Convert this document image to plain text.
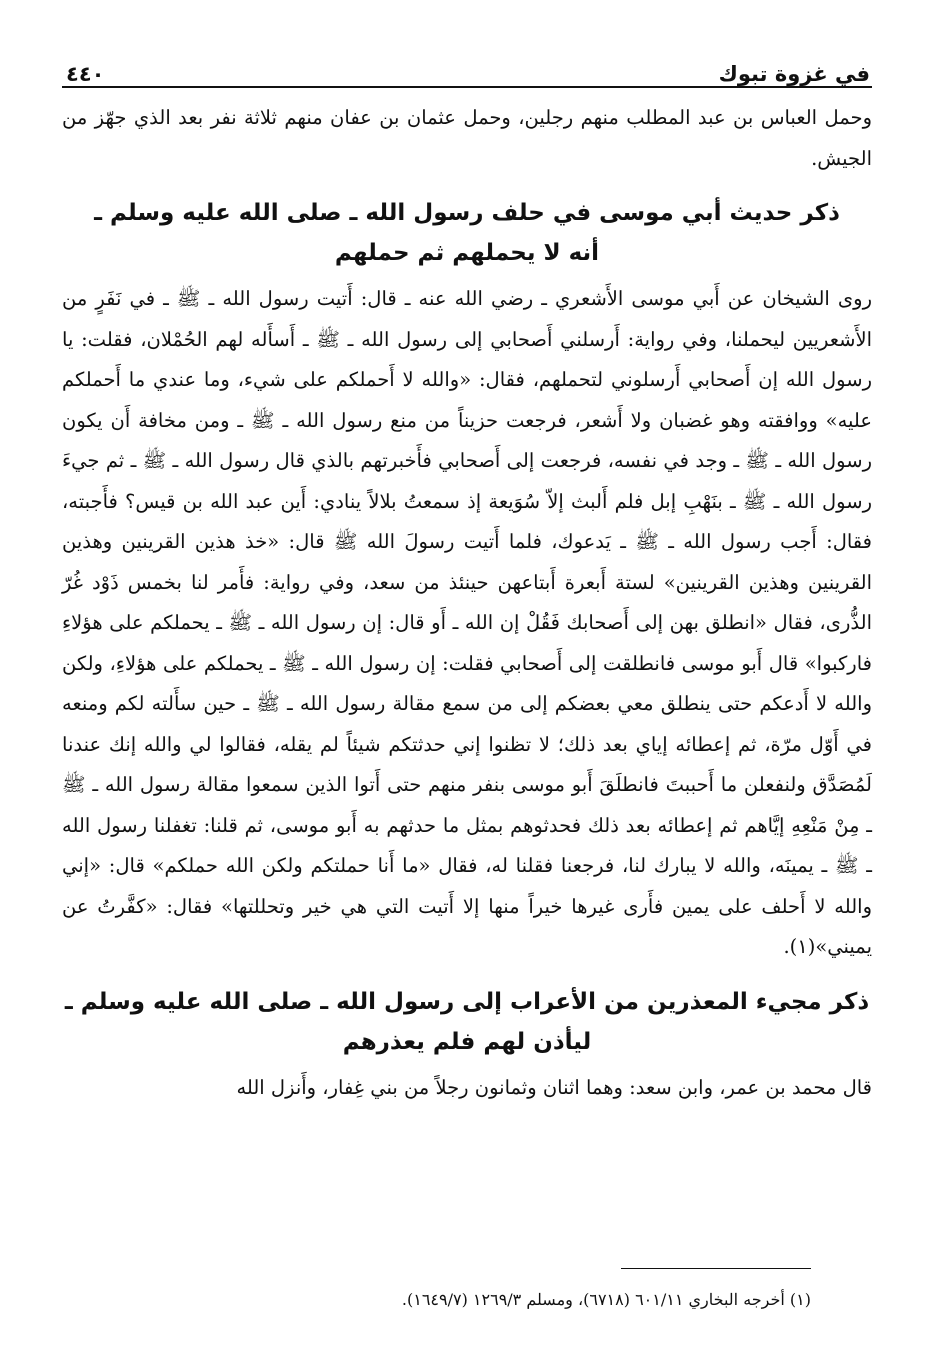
في غزوة تبوك
٤٤٠

وحمل العباس بن عبد المطلب منهم رجلين، وحمل عثمان بن عفان منهم ثلاثة نفر بعد الذي جهّز من الجيش.

ذكر حديث أبي موسى في حلف رسول الله ـ صلى الله عليه وسلم ـ
أنه لا يحملهم ثم حملهم

روى الشيخان عن أَبي موسى الأَشعري ـ رضي الله عنه ـ قال: أَتيت رسول الله ـ ﷺ ـ في نَفَرٍ من الأَشعريين ليحملنا، وفي رواية: أَرسلني أَصحابي إلى رسول الله ـ ﷺ ـ أَسأَله لهم الحُمْلان، فقلت: يا رسول الله إن أَصحابي أَرسلوني لتحملهم، فقال: «والله لا أَحملكم على شيء، وما عندي ما أَحملكم عليه» ووافقته وهو غضبان ولا أَشعر، فرجعت حزيناً من منع رسول الله ـ ﷺ ـ ومن مخافة أَن يكون رسول الله ـ ﷺ ـ وجد في نفسه، فرجعت إلى أَصحابي فأَخبرتهم بالذي قال رسول الله ـ ﷺ ـ ثم جيءَ رسول الله ـ ﷺ ـ بنَهْبِ إبل فلم أَلبث إلاّ سُوَيعة إذ سمعتُ بلالاً ينادي: أَين عبد الله بن قيس؟ فأَجبته، فقال: أَجب رسول الله ـ ﷺ ـ يَدعوك، فلما أَتيت رسولَ الله ﷺ قال: «خذ هذين القرينين وهذين القرينين وهذين القرينين» لستة أَبعرة أَبتاعهن حينئذ من سعد، وفي رواية: فأَمر لنا بخمس ذَوْد غُرّ الذُّرى، فقال «انطلق بهن إلى أَصحابك فَقُلْ إن الله ـ أَو قال: إن رسول الله ـ ﷺ ـ يحملكم على هؤلاءِ فاركبوا» قال أَبو موسى فانطلقت إلى أَصحابي فقلت: إن رسول الله ـ ﷺ ـ يحملكم على هؤلاءِ، ولكن والله لا أَدعكم حتى ينطلق معي بعضكم إلى من سمع مقالة رسول الله ـ ﷺ ـ حين سأَلته لكم ومنعه في أَوّل مرّة، ثم إعطائه إياي بعد ذلك؛ لا تظنوا إني حدثتكم شيئاً لم يقله، فقالوا لي والله إنك عندنا لَمُصَدَّق ولنفعلن ما أَحببتَ فانطلَقَ أَبو موسى بنفر منهم حتى أَتوا الذين سمعوا مقالة رسول الله ـ ﷺ ـ مِنْ مَنْعِهِ إيَّاهم ثم إعطائه بعد ذلك فحدثوهم بمثل ما حدثهم به أَبو موسى، ثم قلنا: تغفلنا رسول الله ـ ﷺ ـ يمينَه، والله لا يبارك لنا، فرجعنا فقلنا له، فقال «ما أَنا حملتكم ولكن الله حملكم» قال: «إني والله لا أَحلف على يمين فأَرى غيرها خيراً منها إلا أَتيت التي هي خير وتحللتها» فقال: «كفَّرتُ عن يميني»(١).

ذكر مجيء المعذرين من الأعراب إلى رسول الله ـ صلى الله عليه وسلم ـ
ليأذن لهم فلم يعذرهم

قال محمد بن عمر، وابن سعد: وهما اثنان وثمانون رجلاً من بني غِفار، وأَنزل الله

(١) أخرجه البخاري ٦٠١/١١ (٦٧١٨)، ومسلم ١٢٦٩/٣ (١٦٤٩/٧).
